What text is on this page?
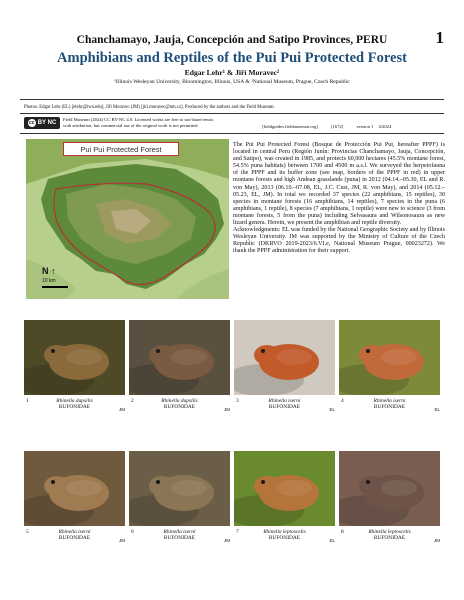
1
Chanchamayo, Jauja, Concepción and Satipo Provinces, PERU
Amphibians and Reptiles of the Pui Pui Protected Forest
Edgar Lehr¹ & Jiří Moravec²
¹Illinois Wesleyan University, Bloomington, Illinois, USA & ²National Museum, Prague, Czech Republic
Photos: Edgar Lehr (EL) [elehr@iwu.edu], Jiří Moravec (JM) [jiri.moravec@nm.cz]. Produced by the authors and the Field Museum.
cc BY NC
Field Museum (2024) CC BY-NC 4.0. Licensed works are free to use/share/remix
with attribution, but commercial use of the original work is not permitted.	[fieldguides.fieldmuseum.org]	[1672]	version 1 4/2024
Pui Pui Protected Forest
N ↑
10 km

The Pui Pui Protected Forest (Bosque de Protección Pui Pui, hereafter PPPF) is located in central Peru (Región Junín: Provincias Chanchamayo, Jauja, Concepción, and Satipo), was created in 1985, and protects 60,000 hectares (45.5% montane forest, 54.5% puna habitats) between 1700 and 4500 m a.s.l. We surveyed the herpetofauna of the PPPF and its buffer zone (see map, borders of the PPPF in red) in upper montane forests and high Andean grasslands (puna) in 2012 (04.14.–05.30, EL and R. von May), 2013 (06.10.–07.08, EL, J.C. Cusi, JM, R. von May), and 2014 (05.12.–05.23, EL, JM). In total we recorded 37 species (22 amphibians, 15 reptiles), 30 species in montane forests (16 amphibians, 14 reptiles), 7 species in the puna (6 amphibians, 1 reptile), 8 species (7 amphibians, 1 reptile) were new to science (3 from montane forests, 5 from the puna) including Selvasaura and Wilsonosaura as new lizard genera. Herein, we present the amphibian and reptile diversity.

Acknowledgments: EL was funded by the National Geographic Society and by Illinois Wesleyan University. JM was supported by the Ministry of Culture of the Czech Republic (DKRVO 2019-2023/6.VI.e, National Museum Prague, 00023272). We thank the PPPF administration for their support.

1	Rhinella dapsilis
BUFONIDAE	JM
2	Rhinella dapsilis
BUFONIDAE	JM
3	Rhinella iserni
BUFONIDAE	EL
4	Rhinella iserni
BUFONIDAE	EL
5	Rhinella iserni
BUFONIDAE	JM
6	Rhinella iserni
BUFONIDAE	JM
7	Rhinella leptoscelis
BUFONIDAE	EL
8	Rhinella leptoscelis
BUFONIDAE	JM
